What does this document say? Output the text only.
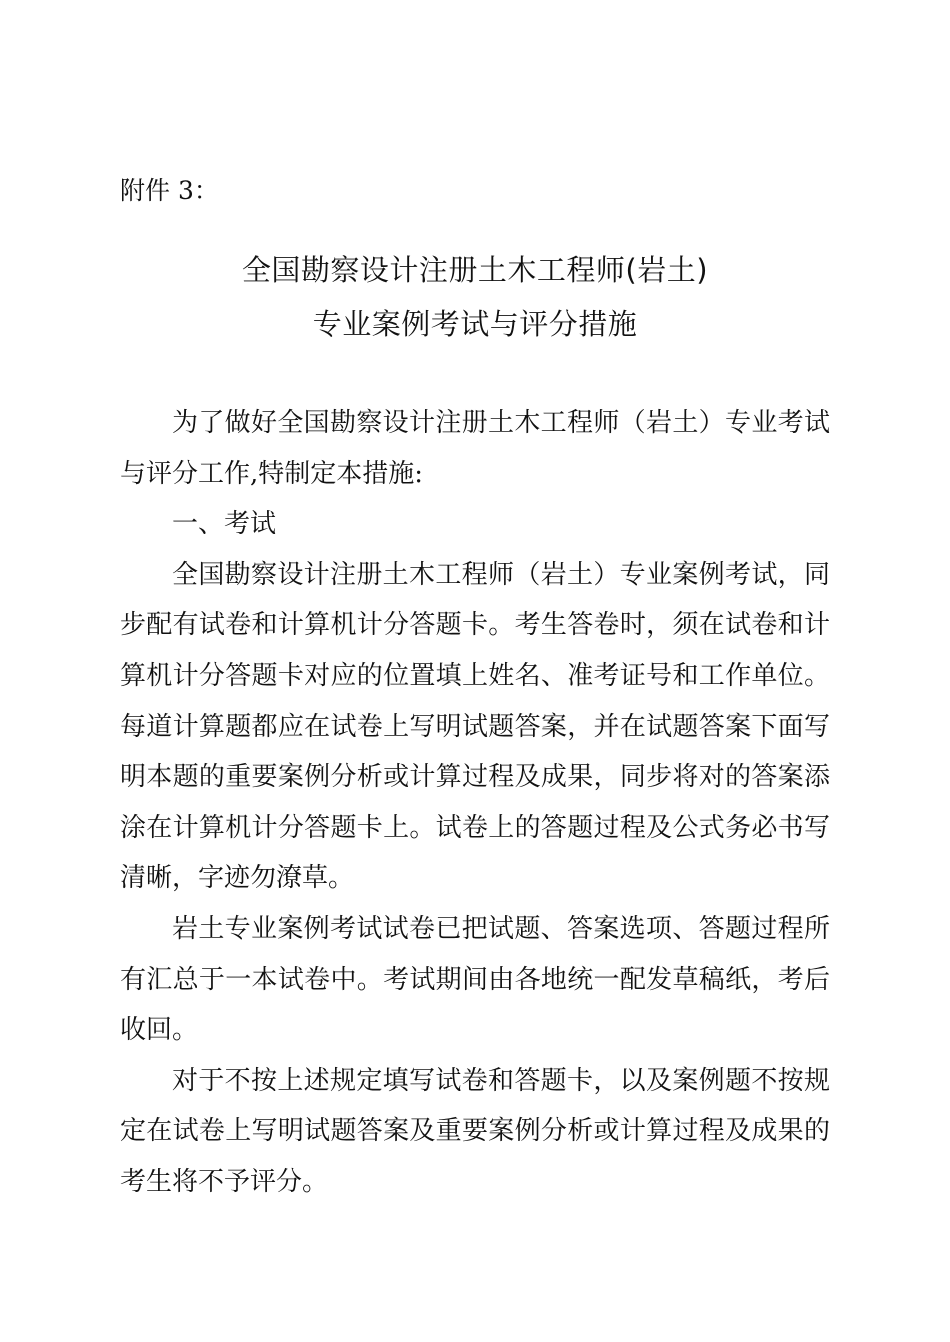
附件 3：
全国勘察设计注册土木工程师(岩土)
专业案例考试与评分措施

为了做好全国勘察设计注册土木工程师（岩土）专业考试与评分工作,特制定本措施:

一、考试

全国勘察设计注册土木工程师（岩土）专业案例考试，同步配有试卷和计算机计分答题卡。考生答卷时，须在试卷和计算机计分答题卡对应的位置填上姓名、准考证号和工作单位。每道计算题都应在试卷上写明试题答案，并在试题答案下面写明本题的重要案例分析或计算过程及成果，同步将对的答案添涂在计算机计分答题卡上。试卷上的答题过程及公式务必书写清晰，字迹勿潦草。

岩土专业案例考试试卷已把试题、答案选项、答题过程所有汇总于一本试卷中。考试期间由各地统一配发草稿纸，考后收回。

对于不按上述规定填写试卷和答题卡，以及案例题不按规定在试卷上写明试题答案及重要案例分析或计算过程及成果的考生将不予评分。
